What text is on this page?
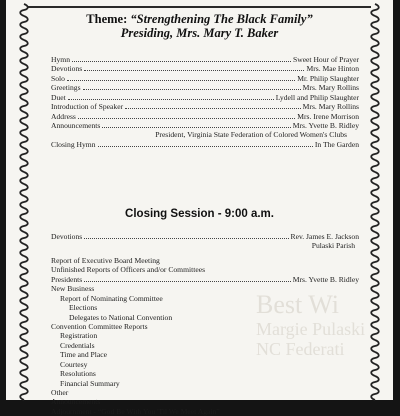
Best Wi
Margie Pulaski
NC Federati
Theme: “Strengthening The Black Family”
Presiding, Mrs. Mary T. Baker
Hymn	Sweet Hour of Prayer
Devotions	Mrs. Mae Hinton
Solo	Mr. Philip Slaughter
Greetings	Mrs. Mary Rollins
Duet	Lydell and Philip Slaughter
Introduction of Speaker	Mrs. Mary Rollins
Address	Mrs. Irene Morrison
Announcements	Mrs. Yvette B. Ridley
President, Virginia State Federation of Colored Women's Clubs
Closing Hymn	In The Garden
Closing Session - 9:00 a.m.
Devotions	Rev. James E. Jackson
Pulaski Parish
Report of Executive Board Meeting
Unfinished Reports of Officers and/or Committees
Presidents	Mrs. Yvette B. Ridley
New Business
Report of Nominating Committee
Elections
Delegates to National Convention
Convention Committee Reports
Registration
Credentials
Time and Place
Courtesy
Resolutions
Financial Summary
Other
Announcements
Adjournment - “God Be With You 'Til We Meet Again”
